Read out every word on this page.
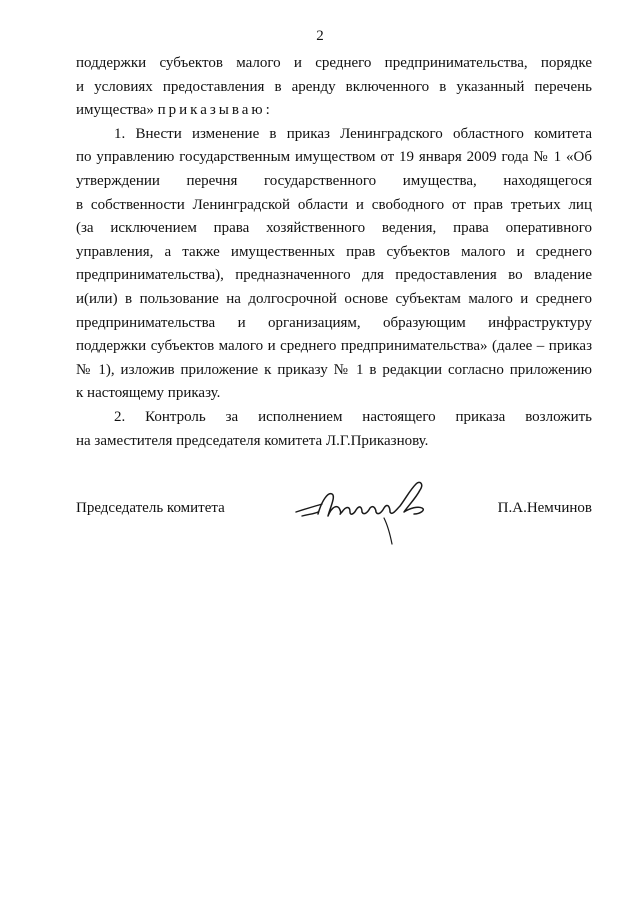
2
поддержки субъектов малого и среднего предпринимательства, порядке
и условиях предоставления в аренду включенного в указанный перечень
имущества» приказываю:
1. Внести изменение в приказ Ленинградского областного комитета
по управлению государственным имуществом от 19 января 2009 года № 1 «Об
утверждении перечня государственного имущества, находящегося
в собственности Ленинградской области и свободного от прав третьих лиц
(за исключением права хозяйственного ведения, права оперативного
управления, а также имущественных прав субъектов малого и среднего
предпринимательства), предназначенного для предоставления во владение
и(или) в пользование на долгосрочной основе субъектам малого и среднего
предпринимательства и организациям, образующим инфраструктуру
поддержки субъектов малого и среднего предпринимательства» (далее – приказ
№ 1), изложив приложение к приказу № 1 в редакции согласно приложению
к настоящему приказу.
2. Контроль за исполнением настоящего приказа возложить
на заместителя председателя комитета Л.Г.Приказнову.
Председатель комитета	П.А.Немчинов
